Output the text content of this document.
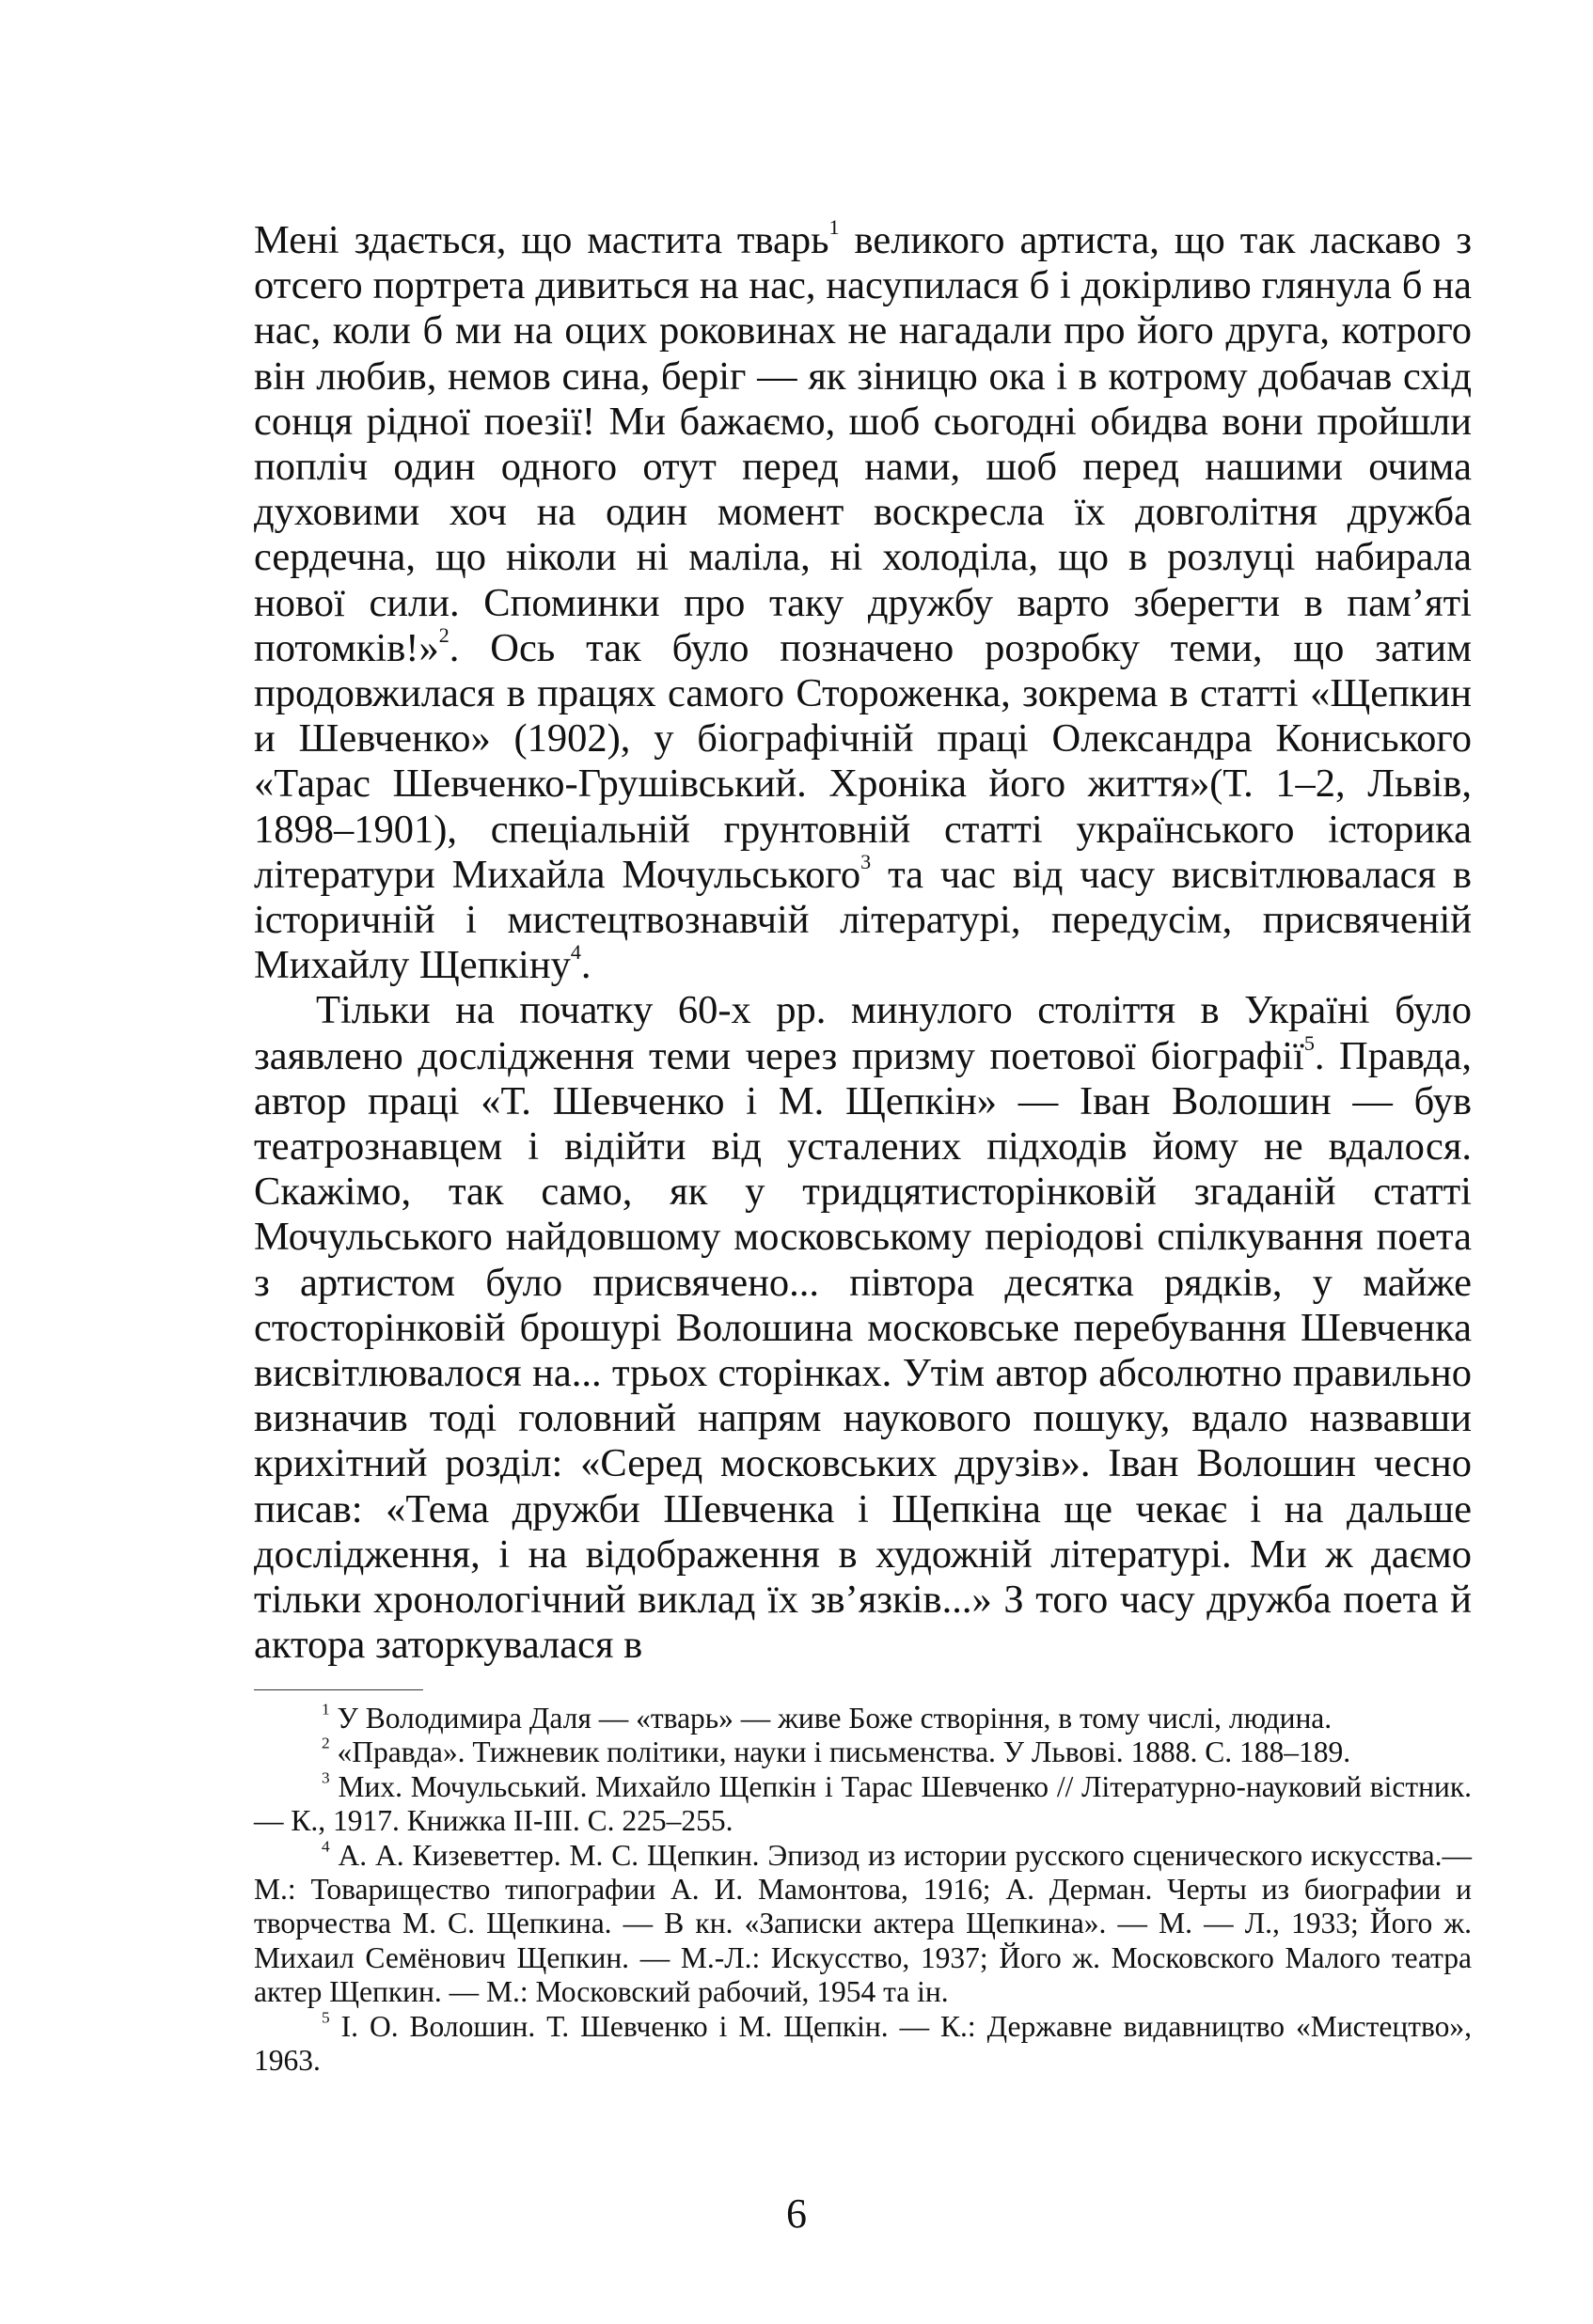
Мені здається, що мастита тварь$^1$ великого артиста, що так ласкаво з отсего портрета дивиться на нас, насупилася б і докірливо глянула б на нас, коли б ми на оцих роковинах не нагадали про його друга, котрого він любив, немов сина, беріг — як зіницю ока і в котрому добачав схід сонця рідної поезії! Ми бажаємо, шоб сьогодні обидва вони пройшли попліч один одного отут перед нами, шоб перед нашими очима духовими хоч на один момент воскресла їх довголітня дружба сердечна, що ніколи ні маліла, ні холоділа, що в розлуці набирала нової сили. Споминки про таку дружбу варто зберегти в пам’яті потомків!»$^2$. Ось так було позначено розробку теми, що затим продовжилася в працях самого Стороженка, зокрема в статті «Щепкин и Шевченко» (1902), у біографічній праці Олександра Кониського «Тарас Шевченко-Грушівський. Хроніка його життя»(Т. 1–2, Львів, 1898–1901), спеціальній грунтовній статті українського історика літератури Михайла Мочульського$^3$ та час від часу висвітлювалася в історичній і мистецтвознавчій літературі, передусім, присвяченій Михайлу Щепкіну$^4$.

Тільки на початку 60-х рр. минулого століття в Україні було заявлено дослідження теми через призму поетової біографії$^5$. Правда, автор праці «Т. Шевченко і М. Щепкін» — Іван Волошин — був театрознавцем і відійти від усталених підходів йому не вдалося. Скажімо, так само, як у тридцятисторінковій згаданій статті Мочульського найдовшому московському періодові спілкування поета з артистом було присвячено... півтора десятка рядків, у майже стосторінковій брошурі Волошина московське перебування Шевченка висвітлювалося на... трьох сторінках. Утім автор абсолютно правильно визначив тоді головний напрям наукового пошуку, вдало назвавши крихітний розділ: «Серед московських друзів». Іван Волошин чесно писав: «Тема дружби Шевченка і Щепкіна ще чекає і на дальше дослідження, і на відображення в художній літературі. Ми ж даємо тільки хронологічний виклад їх зв’язків...» З того часу дружба поета й актора заторкувалася в

$^1$ У Володимира Даля — «тварь» — живе Боже створіння, в тому числі, людина.

$^2$ «Правда». Тижневик політики, науки і письменства. У Львові. 1888. С. 188–189.

$^3$ Мих. Мочульський. Михайло Щепкін і Тарас Шевченко // Літературно-науковий вістник. — К., 1917. Книжка II-III. С. 225–255.

$^4$ А. А. Кизеветтер. М. С. Щепкин. Эпизод из истории русского сценического искусства.— М.: Товарищество типографии А. И. Мамонтова, 1916; А. Дерман. Черты из биографии и творчества М. С. Щепкина. — В кн. «Записки актера Щепкина». — М. — Л., 1933; Його ж. Михаил Семёнович Щепкин. — М.-Л.: Искусство, 1937; Його ж. Московского Малого театра актер Щепкин. — М.: Московский рабочий, 1954 та ін.

$^5$ І. О. Волошин. Т. Шевченко і М. Щепкін. — К.: Державне видавництво «Мистецтво», 1963.

6
